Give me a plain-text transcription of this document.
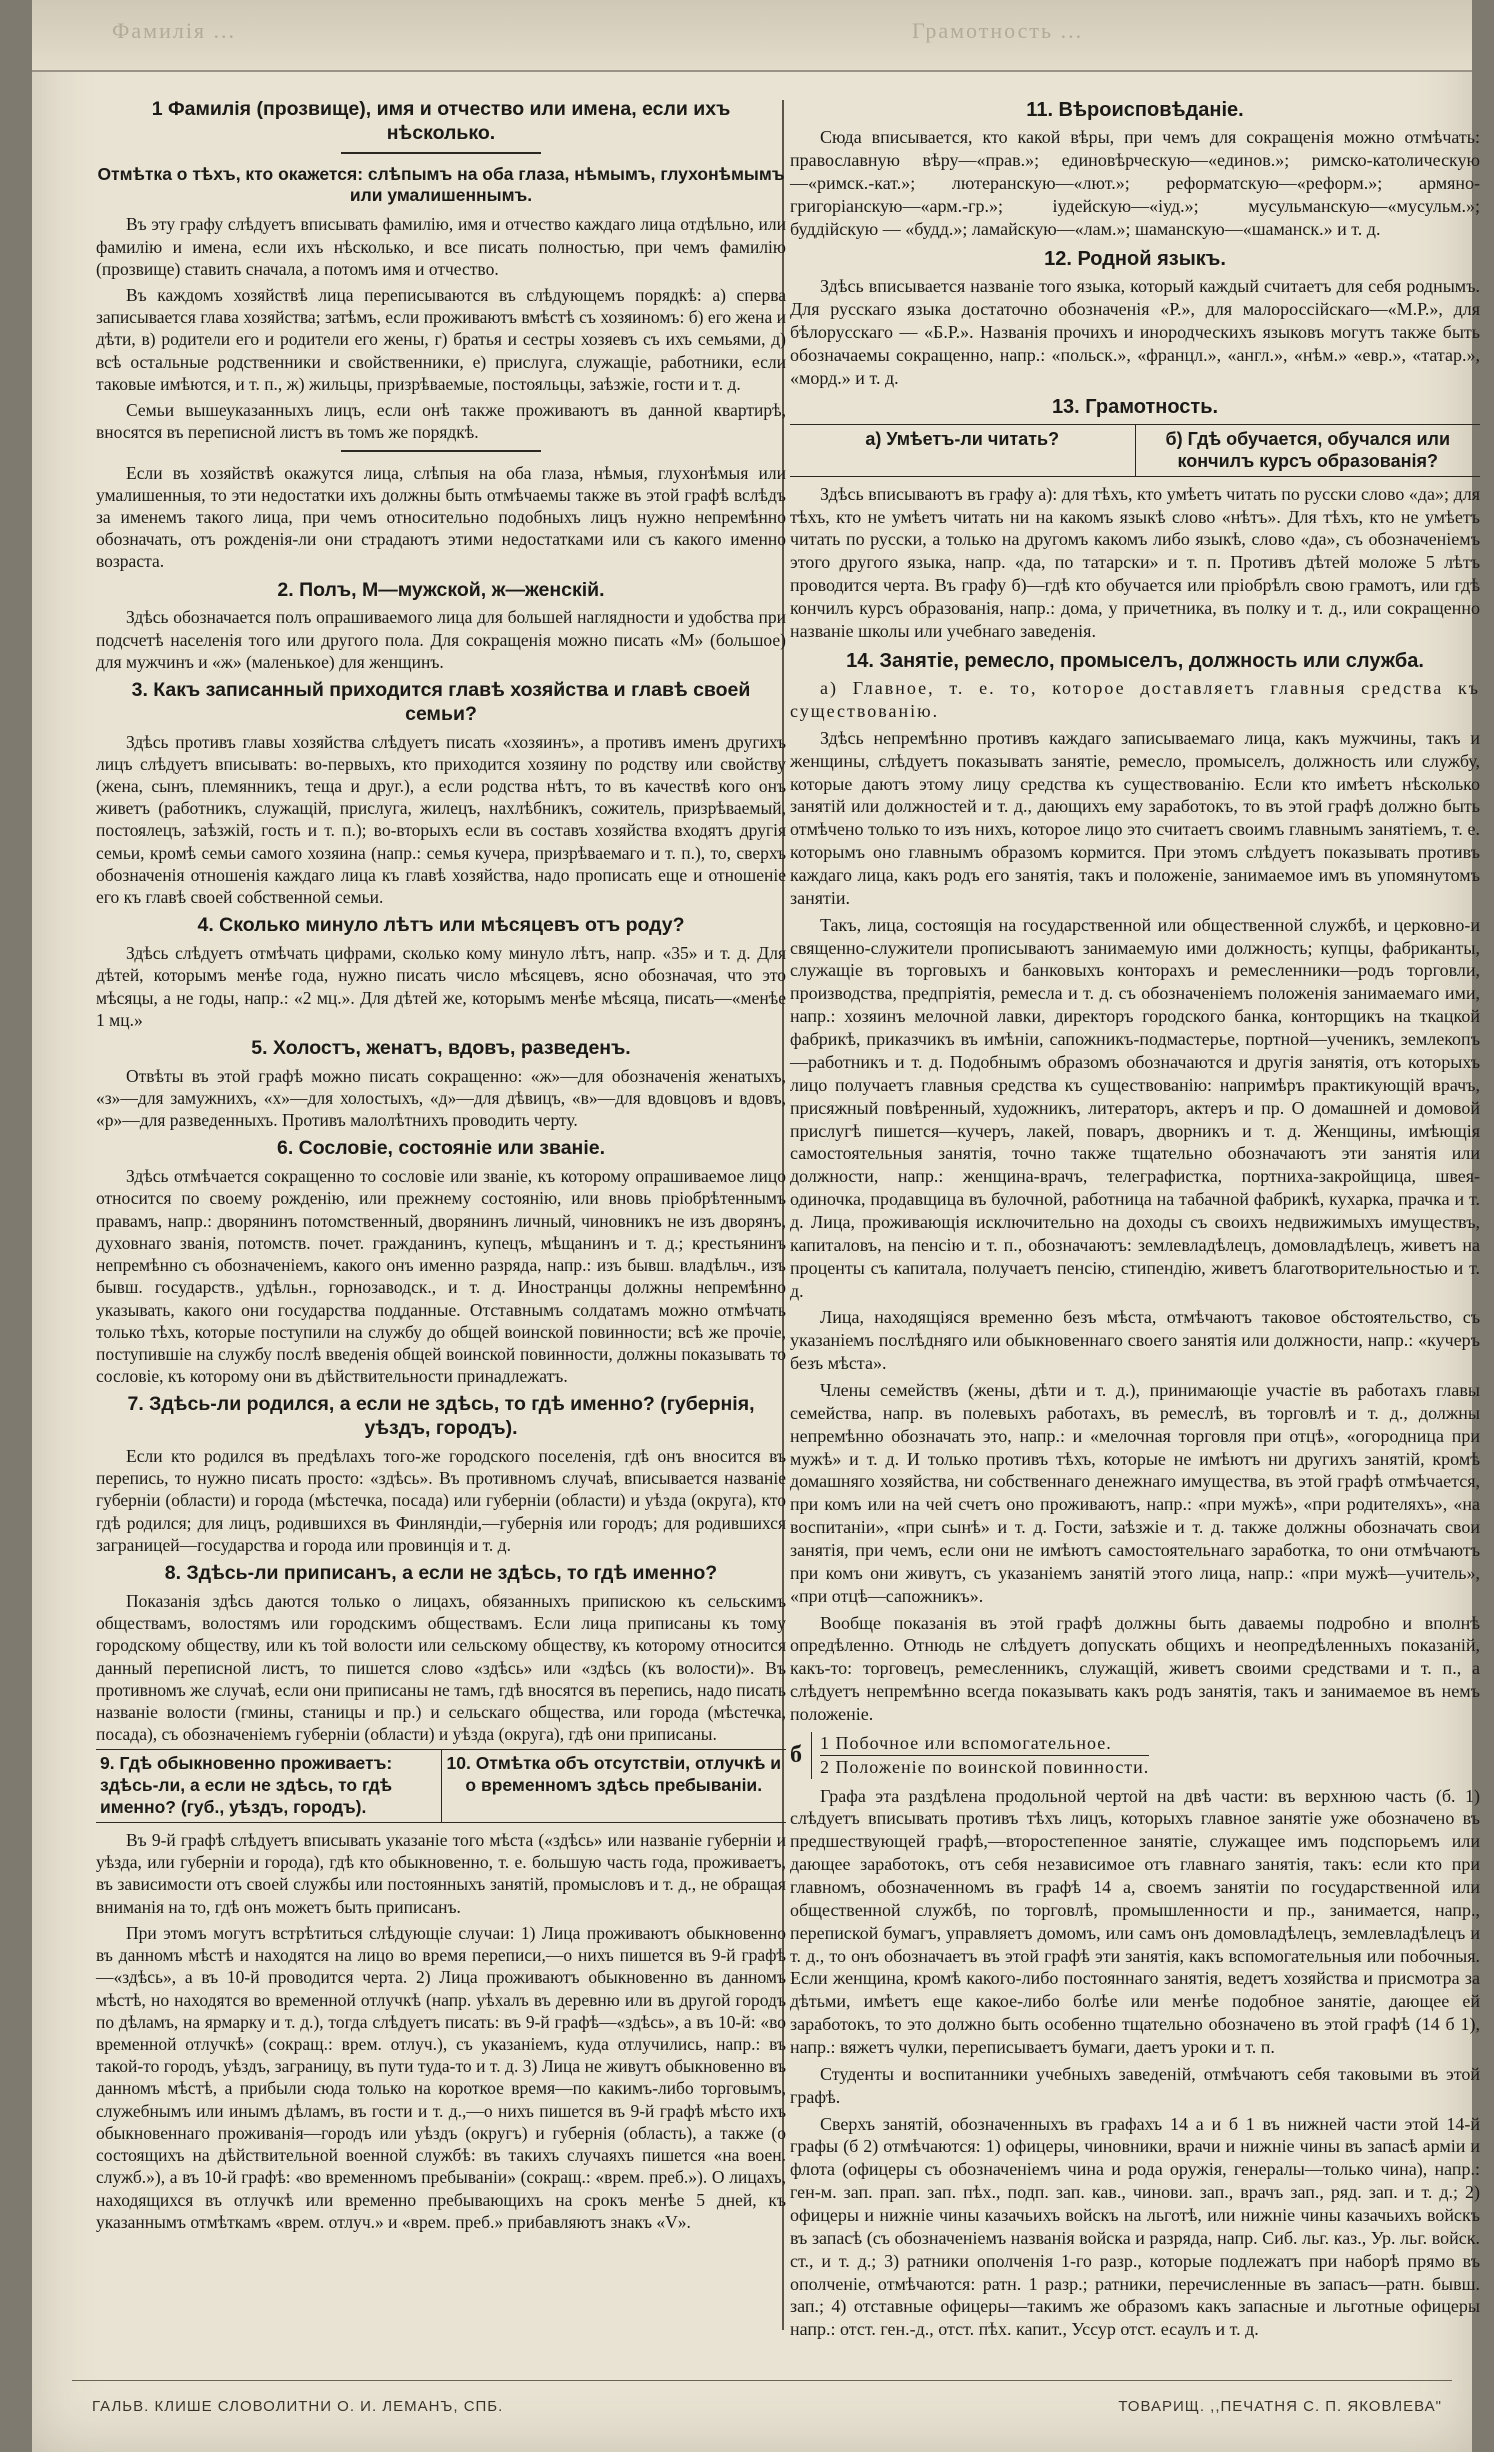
Фамилія ...	Грамотность ...
1 Фамилія (прозвище), имя и отчество или имена, если ихъ нѣсколько.
Отмѣтка о тѣхъ, кто окажется: слѣпымъ на оба глаза, нѣмымъ, глухонѣмымъ или умалишеннымъ.

Въ эту графу слѣдуетъ вписывать фамилію, имя и отчество каждаго лица отдѣльно, или фамилію и имена, если ихъ нѣсколько, и все писать полностью, при чемъ фамилію (прозвище) ставить сначала, а потомъ имя и отчество.

Въ каждомъ хозяйствѣ лица переписываются въ слѣдующемъ порядкѣ: а) сперва записывается глава хозяйства; затѣмъ, если проживаютъ вмѣстѣ съ хозяиномъ: б) его жена и дѣти, в) родители его и родители его жены, г) братья и сестры хозяевъ съ ихъ семьями, д) всѣ остальные родственники и свойственники, е) прислуга, служащіе, работники, если таковые имѣются, и т. п., ж) жильцы, призрѣваемые, постояльцы, заѣзжіе, гости и т. д.

Семьи вышеуказанныхъ лицъ, если онѣ также проживаютъ въ данной квартирѣ, вносятся въ переписной листъ въ томъ же порядкѣ.

Если въ хозяйствѣ окажутся лица, слѣпыя на оба глаза, нѣмыя, глухонѣмыя или умалишенныя, то эти недостатки ихъ должны быть отмѣчаемы также въ этой графѣ вслѣдъ за именемъ такого лица, при чемъ относительно подобныхъ лицъ нужно непремѣнно обозначать, отъ рожденія-ли они страдаютъ этими недостатками или съ какого именно возраста.

2. Полъ, М—мужской, ж—женскій.

Здѣсь обозначается полъ опрашиваемого лица для большей наглядности и удобства при подсчетѣ населенія того или другого пола. Для сокращенія можно писать «М» (большое) для мужчинъ и «ж» (маленькое) для женщинъ.

3. Какъ записанный приходится главѣ хозяйства и главѣ своей семьи?

Здѣсь противъ главы хозяйства слѣдуетъ писать «хозяинъ», а противъ именъ другихъ лицъ слѣдуетъ вписывать: во-первыхъ, кто приходится хозяину по родству или свойству (жена, сынъ, племянникъ, теща и друг.), а если родства нѣтъ, то въ качествѣ кого онъ живетъ (работникъ, служащій, прислуга, жилецъ, нахлѣбникъ, сожитель, призрѣваемый, постоялецъ, заѣзжій, гость и т. п.); во-вторыхъ если въ составъ хозяйства входятъ другія семьи, кромѣ семьи самого хозяина (напр.: семья кучера, призрѣваемаго и т. п.), то, сверхъ обозначенія отношенія каждаго лица къ главѣ хозяйства, надо прописать еще и отношеніе его къ главѣ своей собственной семьи.

4. Сколько минуло лѣтъ или мѣсяцевъ отъ роду?

Здѣсь слѣдуетъ отмѣчать цифрами, сколько кому минуло лѣтъ, напр. «35» и т. д. Для дѣтей, которымъ менѣе года, нужно писать число мѣсяцевъ, ясно обозначая, что это мѣсяцы, а не годы, напр.: «2 мц.». Для дѣтей же, которымъ менѣе мѣсяца, писать—«менѣе 1 мц.»

5. Холостъ, женатъ, вдовъ, разведенъ.

Отвѣты въ этой графѣ можно писать сокращенно: «ж»—для обозначенія женатыхъ, «з»—для замужнихъ, «х»—для холостыхъ, «д»—для дѣвицъ, «в»—для вдовцовъ и вдовъ, «р»—для разведенныхъ. Противъ малолѣтнихъ проводить черту.

6. Сословіе, состояніе или званіе.

Здѣсь отмѣчается сокращенно то сословіе или званіе, къ которому опрашиваемое лицо относится по своему рожденію, или прежнему состоянію, или вновь пріобрѣтеннымъ правамъ, напр.: дворянинъ потомственный, дворянинъ личный, чиновникъ не изъ дворянъ, духовнаго званія, потомств. почет. гражданинъ, купецъ, мѣщанинъ и т. д.; крестьянинъ непремѣнно съ обозначеніемъ, какого онъ именно разряда, напр.: изъ бывш. владѣльч., изъ бывш. государств., удѣльн., горнозаводск., и т. д. Иностранцы должны непремѣнно указывать, какого они государства подданные. Отставнымъ солдатамъ можно отмѣчать только тѣхъ, которые поступили на службу до общей воинской повинности; всѣ же прочіе, поступившіе на службу послѣ введенія общей воинской повинности, должны показывать то сословіе, къ которому они въ дѣйствительности принадлежатъ.

7. Здѣсь-ли родился, а если не здѣсь, то гдѣ именно? (губернія, уѣздъ, городъ).

Если кто родился въ предѣлахъ того-же городского поселенія, гдѣ онъ вносится въ перепись, то нужно писать просто: «здѣсь». Въ противномъ случаѣ, вписывается названіе губерніи (области) и города (мѣстечка, посада) или губерніи (области) и уѣзда (округа), кто гдѣ родился; для лицъ, родившихся въ Финляндіи,—губернія или городъ; для родившихся заграницей—государства и города или провинція и т. д.

8. Здѣсь-ли приписанъ, а если не здѣсь, то гдѣ именно?

Показанія здѣсь даются только о лицахъ, обязанныхъ припискою къ сельскимъ обществамъ, волостямъ или городскимъ обществамъ. Если лица приписаны къ тому городскому обществу, или къ той волости или сельскому обществу, къ которому относится данный переписной листъ, то пишется слово «здѣсь» или «здѣсь (къ волости)». Въ противномъ же случаѣ, если они приписаны не тамъ, гдѣ вносятся въ перепись, надо писать названіе волости (гмины, станицы и пр.) и сельскаго общества, или города (мѣстечка, посада), съ обозначеніемъ губерніи (области) и уѣзда (округа), гдѣ они приписаны.

9. Гдѣ обыкновенно проживаетъ: здѣсь-ли, а если не здѣсь, то гдѣ именно? (губ., уѣздъ, городъ).
10. Отмѣтка объ отсутствіи, отлучкѣ и о временномъ здѣсь пребываніи.

Въ 9-й графѣ слѣдуетъ вписывать указаніе того мѣста («здѣсь» или названіе губерніи и уѣзда, или губерніи и города), гдѣ кто обыкновенно, т. е. большую часть года, проживаетъ, въ зависимости отъ своей службы или постоянныхъ занятій, промысловъ и т. д., не обращая вниманія на то, гдѣ онъ можетъ быть приписанъ.

При этомъ могутъ встрѣтиться слѣдующіе случаи: 1) Лица проживаютъ обыкновенно въ данномъ мѣстѣ и находятся на лицо во время переписи,—о нихъ пишется въ 9-й графѣ—«здѣсь», а въ 10-й проводится черта. 2) Лица проживаютъ обыкновенно въ данномъ мѣстѣ, но находятся во временной отлучкѣ (напр. уѣхалъ въ деревню или въ другой городъ по дѣламъ, на ярмарку и т. д.), тогда слѣдуетъ писать: въ 9-й графѣ—«здѣсь», а въ 10-й: «во временной отлучкѣ» (сокращ.: врем. отлуч.), съ указаніемъ, куда отлучились, напр.: въ такой-то городъ, уѣздъ, заграницу, въ пути туда-то и т. д. 3) Лица не живутъ обыкновенно въ данномъ мѣстѣ, а прибыли сюда только на короткое время—по какимъ-либо торговымъ, служебнымъ или инымъ дѣламъ, въ гости и т. д.,—о нихъ пишется въ 9-й графѣ мѣсто ихъ обыкновеннаго проживанія—городъ или уѣздъ (округъ) и губернія (область), а также (о состоящихъ на дѣйствительной военной службѣ: въ такихъ случаяхъ пишется «на воен. служб.»), а въ 10-й графѣ: «во временномъ пребываніи» (сокращ.: «врем. преб.»). О лицахъ, находящихся въ отлучкѣ или временно пребывающихъ на срокъ менѣе 5 дней, къ указаннымъ отмѣткамъ «врем. отлуч.» и «врем. преб.» прибавляютъ знакъ «V».

11. Вѣроисповѣданіе.

Сюда вписывается, кто какой вѣры, при чемъ для сокращенія можно отмѣчать: православную вѣру—«прав.»; единовѣрческую—«единов.»; римско-католическую—«римск.-кат.»; лютеранскую—«лют.»; реформатскую—«реформ.»; армяно-григоріанскую—«арм.-гр.»; іудейскую—«іуд.»; мусульманскую—«мусульм.»; буддійскую — «будд.»; ламайскую—«лам.»; шаманскую—«шаманск.» и т. д.

12. Родной языкъ.

Здѣсь вписывается названіе того языка, который каждый считаетъ для себя роднымъ. Для русскаго языка достаточно обозначенія «Р.», для малороссійскаго—«М.Р.», для бѣлорусскаго — «Б.Р.». Названія прочихъ и инородческихъ языковъ могутъ также быть обозначаемы сокращенно, напр.: «польск.», «францл.», «англ.», «нѣм.» «евр.», «татар.», «морд.» и т. д.

13. Грамотность.
а) Умѣетъ-ли читать?	б) Гдѣ обучается, обучался или кончилъ курсъ образованія?

Здѣсь вписываютъ въ графу а): для тѣхъ, кто умѣетъ читать по русски слово «да»; для тѣхъ, кто не умѣетъ читать ни на какомъ языкѣ слово «нѣтъ». Для тѣхъ, кто не умѣетъ читать по русски, а только на другомъ какомъ либо языкѣ, слово «да», съ обозначеніемъ этого другого языка, напр. «да, по татарски» и т. п. Противъ дѣтей моложе 5 лѣтъ проводится черта. Въ графу б)—гдѣ кто обучается или пріобрѣлъ свою грамотъ, или гдѣ кончилъ курсъ образованія, напр.: дома, у причетника, въ полку и т. д., или сокращенно названіе школы или учебнаго заведенія.

14. Занятіе, ремесло, промыселъ, должность или служба.

а) Главное, т. е. то, которое доставляетъ главныя средства къ существованію.

Здѣсь непремѣнно противъ каждаго записываемаго лица, какъ мужчины, такъ и женщины, слѣдуетъ показывать занятіе, ремесло, промыселъ, должность или службу, которые даютъ этому лицу средства къ существованію. Если кто имѣетъ нѣсколько занятій или должностей и т. д., дающихъ ему заработокъ, то въ этой графѣ должно быть отмѣчено только то изъ нихъ, которое лицо это считаетъ своимъ главнымъ занятіемъ, т. е. которымъ оно главнымъ образомъ кормится. При этомъ слѣдуетъ показывать противъ каждаго лица, какъ родъ его занятія, такъ и положеніе, занимаемое имъ въ упомянутомъ занятіи.

Такъ, лица, состоящія на государственной или общественной службѣ, и церковно-и священно-служители прописываютъ занимаемую ими должность; купцы, фабриканты, служащіе въ торговыхъ и банковыхъ конторахъ и ремесленники—родъ торговли, производства, предпріятія, ремесла и т. д. съ обозначеніемъ положенія занимаемаго ими, напр.: хозяинъ мелочной лавки, директоръ городского банка, конторщикъ на ткацкой фабрикѣ, приказчикъ въ имѣніи, сапожникъ-подмастерье, портной—ученикъ, землекопъ—работникъ и т. д. Подобнымъ образомъ обозначаются и другія занятія, отъ которыхъ лицо получаетъ главныя средства къ существованію: напримѣръ практикующій врачъ, присяжный повѣренный, художникъ, литераторъ, актеръ и пр. О домашней и домовой прислугѣ пишется—кучеръ, лакей, поваръ, дворникъ и т. д. Женщины, имѣющія самостоятельныя занятія, точно также тщательно обозначаютъ эти занятія или должности, напр.: женщина-врачъ, телеграфистка, портниха-закройщица, швея-одиночка, продавщица въ булочной, работница на табачной фабрикѣ, кухарка, прачка и т. д. Лица, проживающія исключительно на доходы съ своихъ недвижимыхъ имуществъ, капиталовъ, на пенсію и т. п., обозначаютъ: землевладѣлецъ, домовладѣлецъ, живетъ на проценты съ капитала, получаетъ пенсію, стипендію, живетъ благотворительностью и т. д.

Лица, находящіяся временно безъ мѣста, отмѣчаютъ таковое обстоятельство, съ указаніемъ послѣдняго или обыкновеннаго своего занятія или должности, напр.: «кучеръ безъ мѣста».

Члены семействъ (жены, дѣти и т. д.), принимающіе участіе въ работахъ главы семейства, напр. въ полевыхъ работахъ, въ ремеслѣ, въ торговлѣ и т. д., должны непремѣнно обозначать это, напр.: и «мелочная торговля при отцѣ», «огородница при мужѣ» и т. д. И только противъ тѣхъ, которые не имѣютъ ни другихъ занятій, кромѣ домашняго хозяйства, ни собственнаго денежнаго имущества, въ этой графѣ отмѣчается, при комъ или на чей счетъ оно проживаютъ, напр.: «при мужѣ», «при родителяхъ», «на воспитаніи», «при сынѣ» и т. д. Гости, заѣзжіе и т. д. также должны обозначать свои занятія, при чемъ, если они не имѣютъ самостоятельнаго заработка, то они отмѣчаютъ при комъ они живутъ, съ указаніемъ занятій этого лица, напр.: «при мужѣ—учитель», «при отцѣ—сапожникъ».

Вообще показанія въ этой графѣ должны быть даваемы подробно и вполнѣ опредѣленно. Отнюдь не слѣдуетъ допускать общихъ и неопредѣленныхъ показаній, какъ-то: торговецъ, ремесленникъ, служащій, живетъ своими средствами и т. п., а слѣдуетъ непремѣнно всегда показывать какъ родъ занятія, такъ и занимаемое въ немъ положеніе.

б 1 Побочное или вспомогательное.
2 Положеніе по воинской повинности.

Графа эта раздѣлена продольной чертой на двѣ части: въ верхнюю часть (б. 1) слѣдуетъ вписывать противъ тѣхъ лицъ, которыхъ главное занятіе уже обозначено въ предшествующей графѣ,—второстепенное занятіе, служащее имъ подспорьемъ или дающее заработокъ, отъ себя независимое отъ главнаго занятія, такъ: если кто при главномъ, обозначенномъ въ графѣ 14 а, своемъ занятіи по государственной или общественной службѣ, по торговлѣ, промышленности и пр., занимается, напр., перепиской бумагъ, управляетъ домомъ, или самъ онъ домовладѣлецъ, землевладѣлецъ и т. д., то онъ обозначаетъ въ этой графѣ эти занятія, какъ вспомогательныя или побочныя. Если женщина, кромѣ какого-либо постояннаго занятія, ведетъ хозяйства и присмотра за дѣтьми, имѣетъ еще какое-либо болѣе или менѣе подобное занятіе, дающее ей заработокъ, то это должно быть особенно тщательно обозначено въ этой графѣ (14 б 1), напр.: вяжетъ чулки, переписываетъ бумаги, даетъ уроки и т. п.

Студенты и воспитанники учебныхъ заведеній, отмѣчаютъ себя таковыми въ этой графѣ.

Сверхъ занятій, обозначенныхъ въ графахъ 14 а и б 1 въ нижней части этой 14-й графы (б 2) отмѣчаются: 1) офицеры, чиновники, врачи и нижніе чины въ запасѣ арміи и флота (офицеры съ обозначеніемъ чина и рода оружія, генералы—только чина), напр.: ген-м. зап. прап. зап. пѣх., подп. зап. кав., чинови. зап., врачъ зап., ряд. зап. и т. д.; 2) офицеры и нижніе чины казачьихъ войскъ на льготѣ, или нижніе чины казачьихъ войскъ въ запасѣ (съ обозначеніемъ названія войска и разряда, напр. Сиб. льг. каз., Ур. льг. войск. ст., и т. д.; 3) ратники ополченія 1-го разр., которые подлежатъ при наборѣ прямо въ ополченіе, отмѣчаются: ратн. 1 разр.; ратники, перечисленные въ запасъ—ратн. бывш. зап.; 4) отставные офицеры—такимъ же образомъ какъ запасные и льготные офицеры напр.: отст. ген.-д., отст. пѣх. капит., Уссур отст. есаулъ и т. д.

ГАЛЬВ. КЛИШЕ СЛОВОЛИТНИ О. И. ЛЕМАНЪ, СПБ.	ТОВАРИЩ. ,,ПЕЧАТНЯ С. П. ЯКОВЛЕВА"
